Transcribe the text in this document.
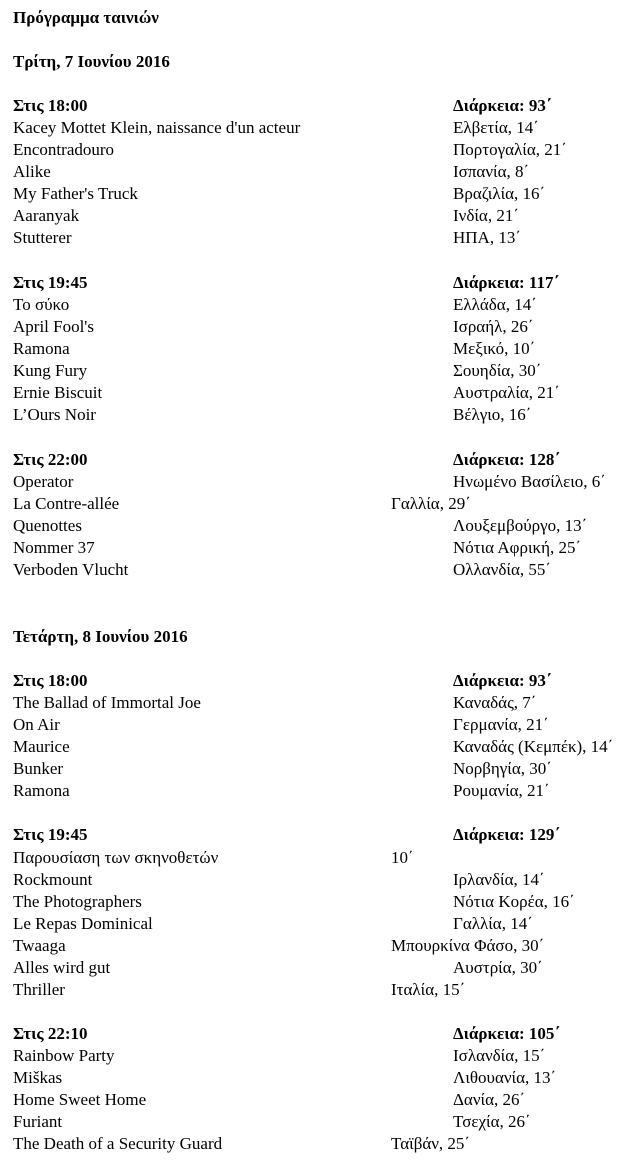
Πρόγραμμα ταινιών
Τρίτη, 7 Ιουνίου 2016
Στις 18:00	Διάρκεια: 93΄
Kacey Mottet Klein, naissance d'un acteur	Ελβετία, 14΄
Encontradouro	Πορτογαλία, 21΄
Alike	Ισπανία, 8΄
My Father's Truck	Βραζιλία, 16΄
Aaranyak	Ινδία, 21΄
Stutterer	ΗΠΑ, 13΄
Στις 19:45	Διάρκεια: 117΄
Το σύκο	Ελλάδα, 14΄
April Fool's	Ισραήλ, 26΄
Ramona	Μεξικό, 10΄
Kung Fury	Σουηδία, 30΄
Ernie Biscuit	Αυστραλία, 21΄
L’Ours Noir	Βέλγιο, 16΄
Στις 22:00	Διάρκεια: 128΄
Operator	Ηνωμένο Βασίλειο, 6΄
La Contre-allée	Γαλλία, 29΄
Quenottes	Λουξεμβούργο, 13΄
Nommer 37	Νότια Αφρική, 25΄
Verboden Vlucht	Ολλανδία, 55΄
Τετάρτη, 8 Ιουνίου 2016
Στις 18:00	Διάρκεια: 93΄
The Ballad of Immortal Joe	Καναδάς, 7΄
On Air	Γερμανία, 21΄
Maurice	Καναδάς (Κεμπέκ), 14΄
Bunker	Νορβηγία, 30΄
Ramona	Ρουμανία, 21΄
Στις 19:45	Διάρκεια: 129΄
Παρουσίαση των σκηνοθετών	10΄
Rockmount	Ιρλανδία, 14΄
The Photographers	Νότια Κορέα, 16΄
Le Repas Dominical	Γαλλία, 14΄
Twaaga	Μπουρκίνα Φάσο, 30΄
Alles wird gut	Αυστρία, 30΄
Thriller	Ιταλία, 15΄
Στις 22:10	Διάρκεια: 105΄
Rainbow Party	Ισλανδία, 15΄
Miškas	Λιθουανία, 13΄
Home Sweet Home	Δανία, 26΄
Furiant	Τσεχία, 26΄
The Death of a Security Guard	Ταϊβάν, 25΄
